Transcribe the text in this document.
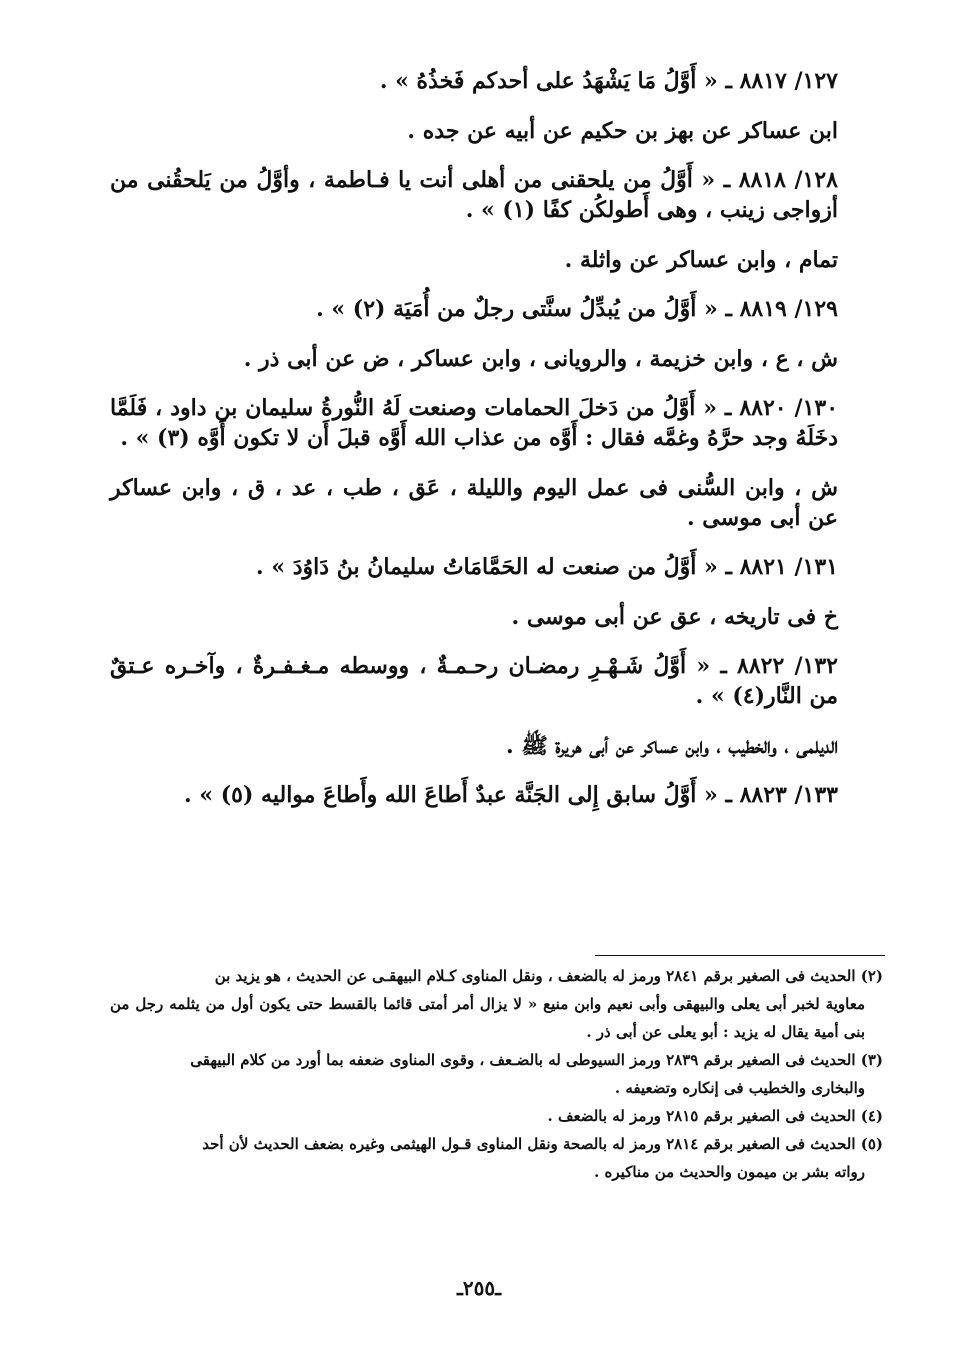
١٢٧/ ٨٨١٧ ـ « أَوَّلُ مَا يَشْهَدُ على أحدكم فَخذُهُ » .

ابن عساكر عن بهز بن حكيم عن أبيه عن جده .

١٢٨/ ٨٨١٨ ـ « أَوَّلُ من يلحقنى من أهلى أنت يا فـاطمة ، وأوَّلُ من يَلحقُنى من أزواجى زينب ، وهى أَطولكُن كفًا (١) » .

تمام ، وابن عساكر عن واثلة .

١٢٩/ ٨٨١٩ ـ « أَوَّلُ من يُبدِّلُ سنَّتى رجلٌ من أُمَيَة (٢) » .

ش ، ع ، وابن خزيمة ، والرويانى ، وابن عساكر ، ض عن أبى ذر .

١٣٠/ ٨٨٢٠ ـ « أَوَّلُ من دَخلَ الحمامات وصنعت لَهُ النُّورةُ سليمان بن داود ، فَلَمَّا دخَلَهُ وجد حرَّهُ وغمَّه فقال : أَوَّه من عذاب الله أَوَّه قبلَ أَن لا تكون أَوَّه (٣) » .

ش ، وابن السُّنى فى عمل اليوم والليلة ، عَق ، طب ، عد ، ق ، وابن عساكر عن أبى موسى .

١٣١/ ٨٨٢١ ـ « أَوَّلُ من صنعت له الحَمَّامَاتُ سليمانُ بنُ دَاوُدَ » .

خ فى تاريخه ، عق عن أبى موسى .

١٣٢/ ٨٨٢٢ ـ « أَوَّلُ شَـهْـرِ رمضـان رحـمـةٌ ، ووسطه مـغـفـرةٌ ، وآخـره عـتقٌ من النَّار(٤) » .

الديلمى ، والخطيب ، وابن عساكر عن أبى هريرة ﷺ .

١٣٣/ ٨٨٢٣ ـ « أَوَّلُ سابق إِلى الجَنَّة عبدٌ أَطاعَ الله وأَطاعَ مواليه (٥) » .

(٢) الحديث فى الصغير برقم ٢٨٤١ ورمز له بالضعف ، ونقل المناوى كـلام البيهقـى عن الحديث ، هو يزيد بن
معاوية لخبر أبى يعلى والبيهقى وأبى نعيم وابن منيع « لا يزال أمر أمتى قائما بالقسط حتى يكون أول من يثلمه رجل من بنى أمية يقال له يزيد : أبو يعلى عن أبى ذر .
(٣) الحديث فى الصغير برقم ٢٨٣٩ ورمز السيوطى له بالضـعف ، وقوى المناوى ضعفه بما أورد من كلام البيهقى
والبخارى والخطيب فى إنكاره وتضعيفه .
(٤) الحديث فى الصغير برقم ٢٨١٥ ورمز له بالضعف .
(٥) الحديث فى الصغير برقم ٢٨١٤ ورمز له بالصحة ونقل المناوى قـول الهيثمى وغيره بضعف الحديث لأن أحد
رواته بشر بن ميمون والحديث من مناكيره .
ـ٢٥٥ـ
